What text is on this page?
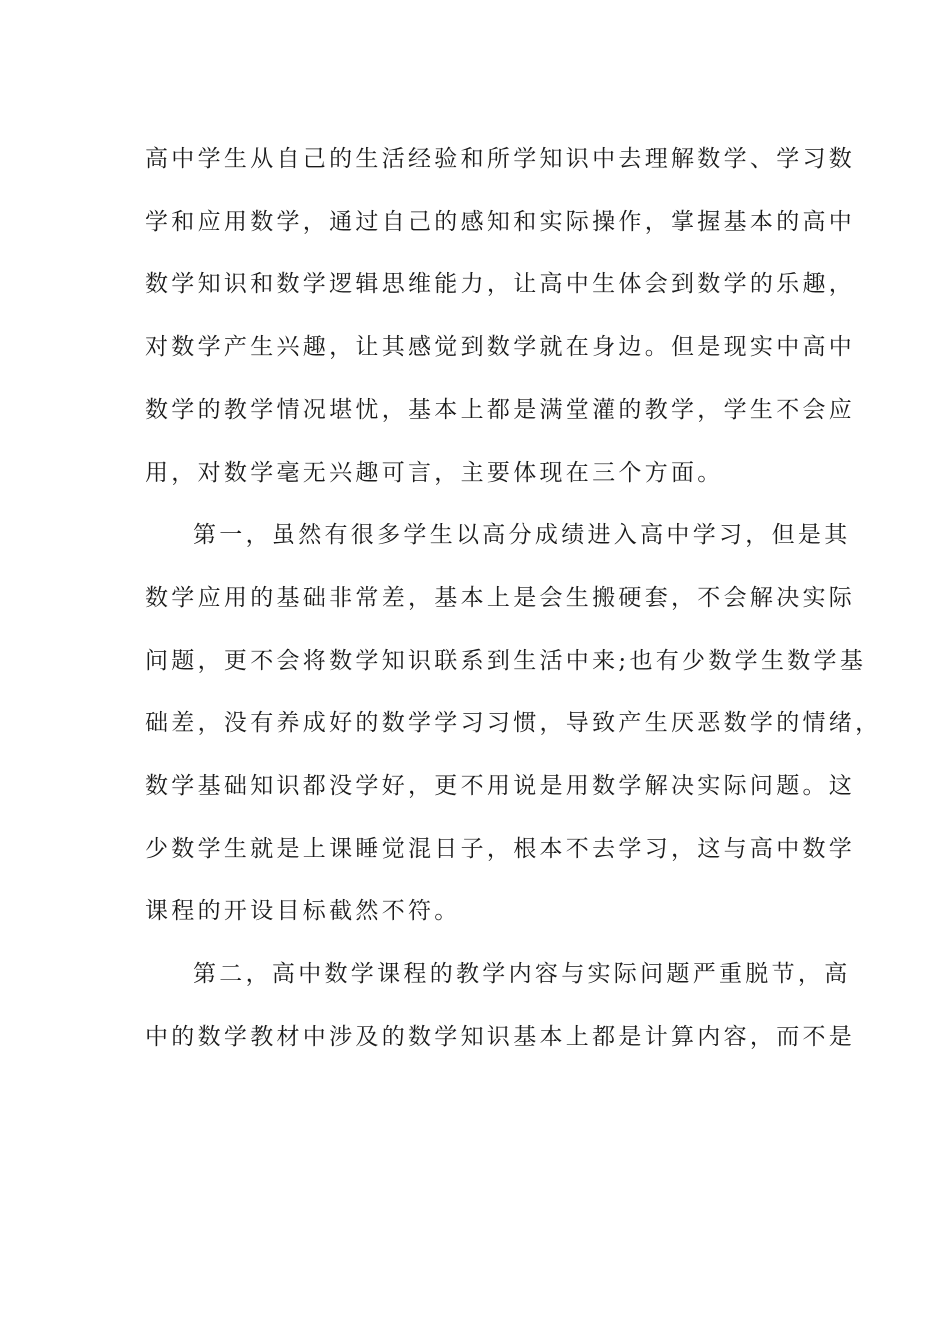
高中学生从自己的生活经验和所学知识中去理解数学、学习数
学和应用数学，通过自己的感知和实际操作，掌握基本的高中
数学知识和数学逻辑思维能力，让高中生体会到数学的乐趣，
对数学产生兴趣，让其感觉到数学就在身边。但是现实中高中
数学的教学情况堪忧，基本上都是满堂灌的教学，学生不会应
用，对数学毫无兴趣可言，主要体现在三个方面。
第一，虽然有很多学生以高分成绩进入高中学习，但是其
数学应用的基础非常差，基本上是会生搬硬套，不会解决实际
问题，更不会将数学知识联系到生活中来;也有少数学生数学基
础差，没有养成好的数学学习习惯，导致产生厌恶数学的情绪，
数学基础知识都没学好，更不用说是用数学解决实际问题。这
少数学生就是上课睡觉混日子，根本不去学习，这与高中数学
课程的开设目标截然不符。
第二，高中数学课程的教学内容与实际问题严重脱节，高
中的数学教材中涉及的数学知识基本上都是计算内容，而不是
